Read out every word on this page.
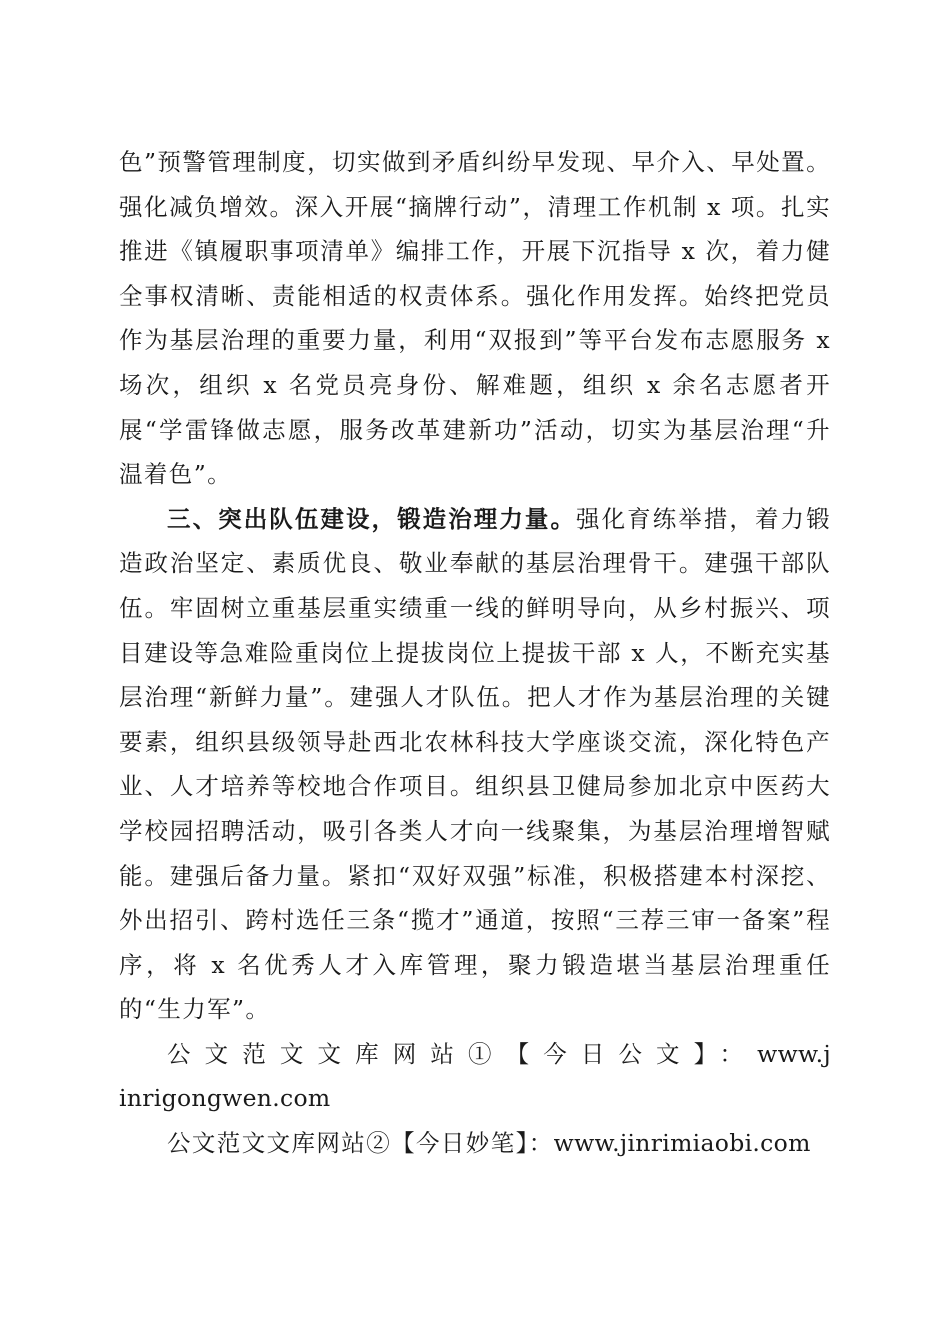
色”预警管理制度，切实做到矛盾纠纷早发现、早介入、早处置。强化减负增效。深入开展“摘牌行动”，清理工作机制 x 项。扎实推进《镇履职事项清单》编排工作，开展下沉指导 x 次，着力健全事权清晰、责能相适的权责体系。强化作用发挥。始终把党员作为基层治理的重要力量，利用“双报到”等平台发布志愿服务 x 场次，组织 x 名党员亮身份、解难题，组织 x 余名志愿者开展“学雷锋做志愿，服务改革建新功”活动，切实为基层治理“升温着色”。

三、突出队伍建设，锻造治理力量。强化育练举措，着力锻造政治坚定、素质优良、敬业奉献的基层治理骨干。建强干部队伍。牢固树立重基层重实绩重一线的鲜明导向，从乡村振兴、项目建设等急难险重岗位上提拔岗位上提拔干部 x 人，不断充实基层治理“新鲜力量”。建强人才队伍。把人才作为基层治理的关键要素，组织县级领导赴西北农林科技大学座谈交流，深化特色产业、人才培养等校地合作项目。组织县卫健局参加北京中医药大学校园招聘活动，吸引各类人才向一线聚集，为基层治理增智赋能。建强后备力量。紧扣“双好双强”标准，积极搭建本村深挖、外出招引、跨村选任三条“揽才”通道，按照“三荐三审一备案”程序，将 x 名优秀人才入库管理，聚力锻造堪当基层治理重任的“生力军”。

公文范文文库网站①【今日公文】：www.jinrigongwen.com

公文范文文库网站②【今日妙笔】：www.jinrimiaobi.com
